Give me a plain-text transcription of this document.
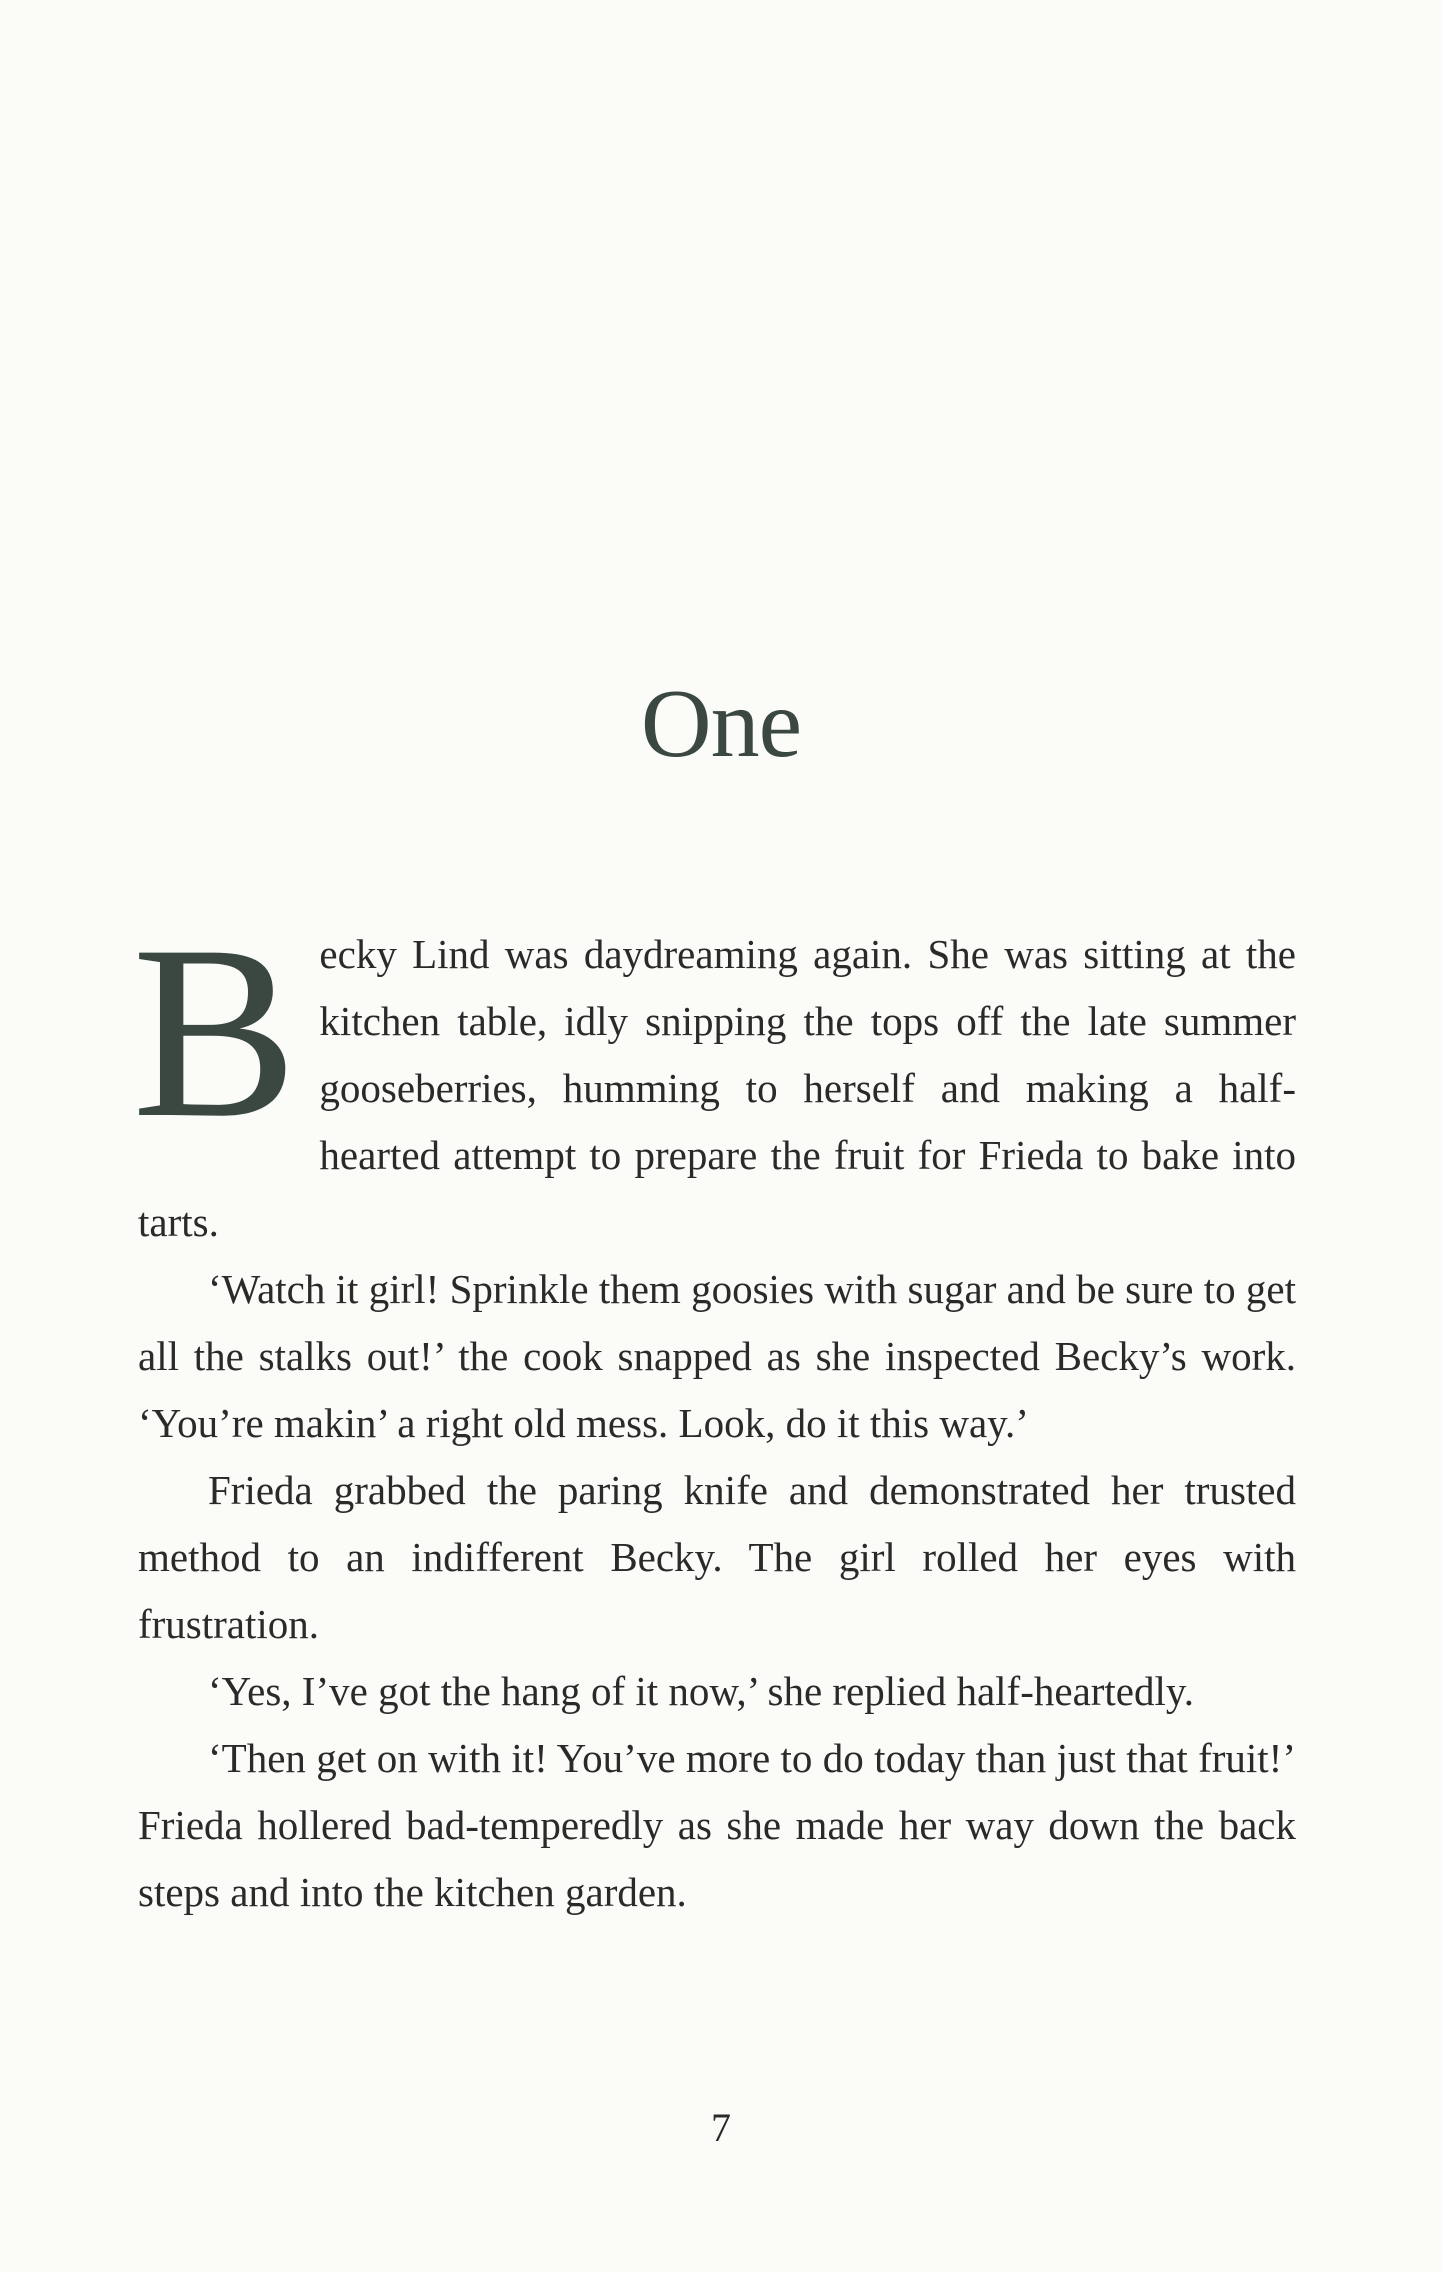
One

Becky Lind was daydreaming again. She was sitting at the kitchen table, idly snipping the tops off the late summer gooseberries, humming to herself and making a half-hearted attempt to prepare the fruit for Frieda to bake into tarts.

‘Watch it girl! Sprinkle them goosies with sugar and be sure to get all the stalks out!’ the cook snapped as she inspected Becky’s work. ‘You’re makin’ a right old mess. Look, do it this way.’

Frieda grabbed the paring knife and demonstrated her trusted method to an indifferent Becky. The girl rolled her eyes with frustration.

‘Yes, I’ve got the hang of it now,’ she replied half-heartedly.

‘Then get on with it! You’ve more to do today than just that fruit!’ Frieda hollered bad-temperedly as she made her way down the back steps and into the kitchen garden.

7
